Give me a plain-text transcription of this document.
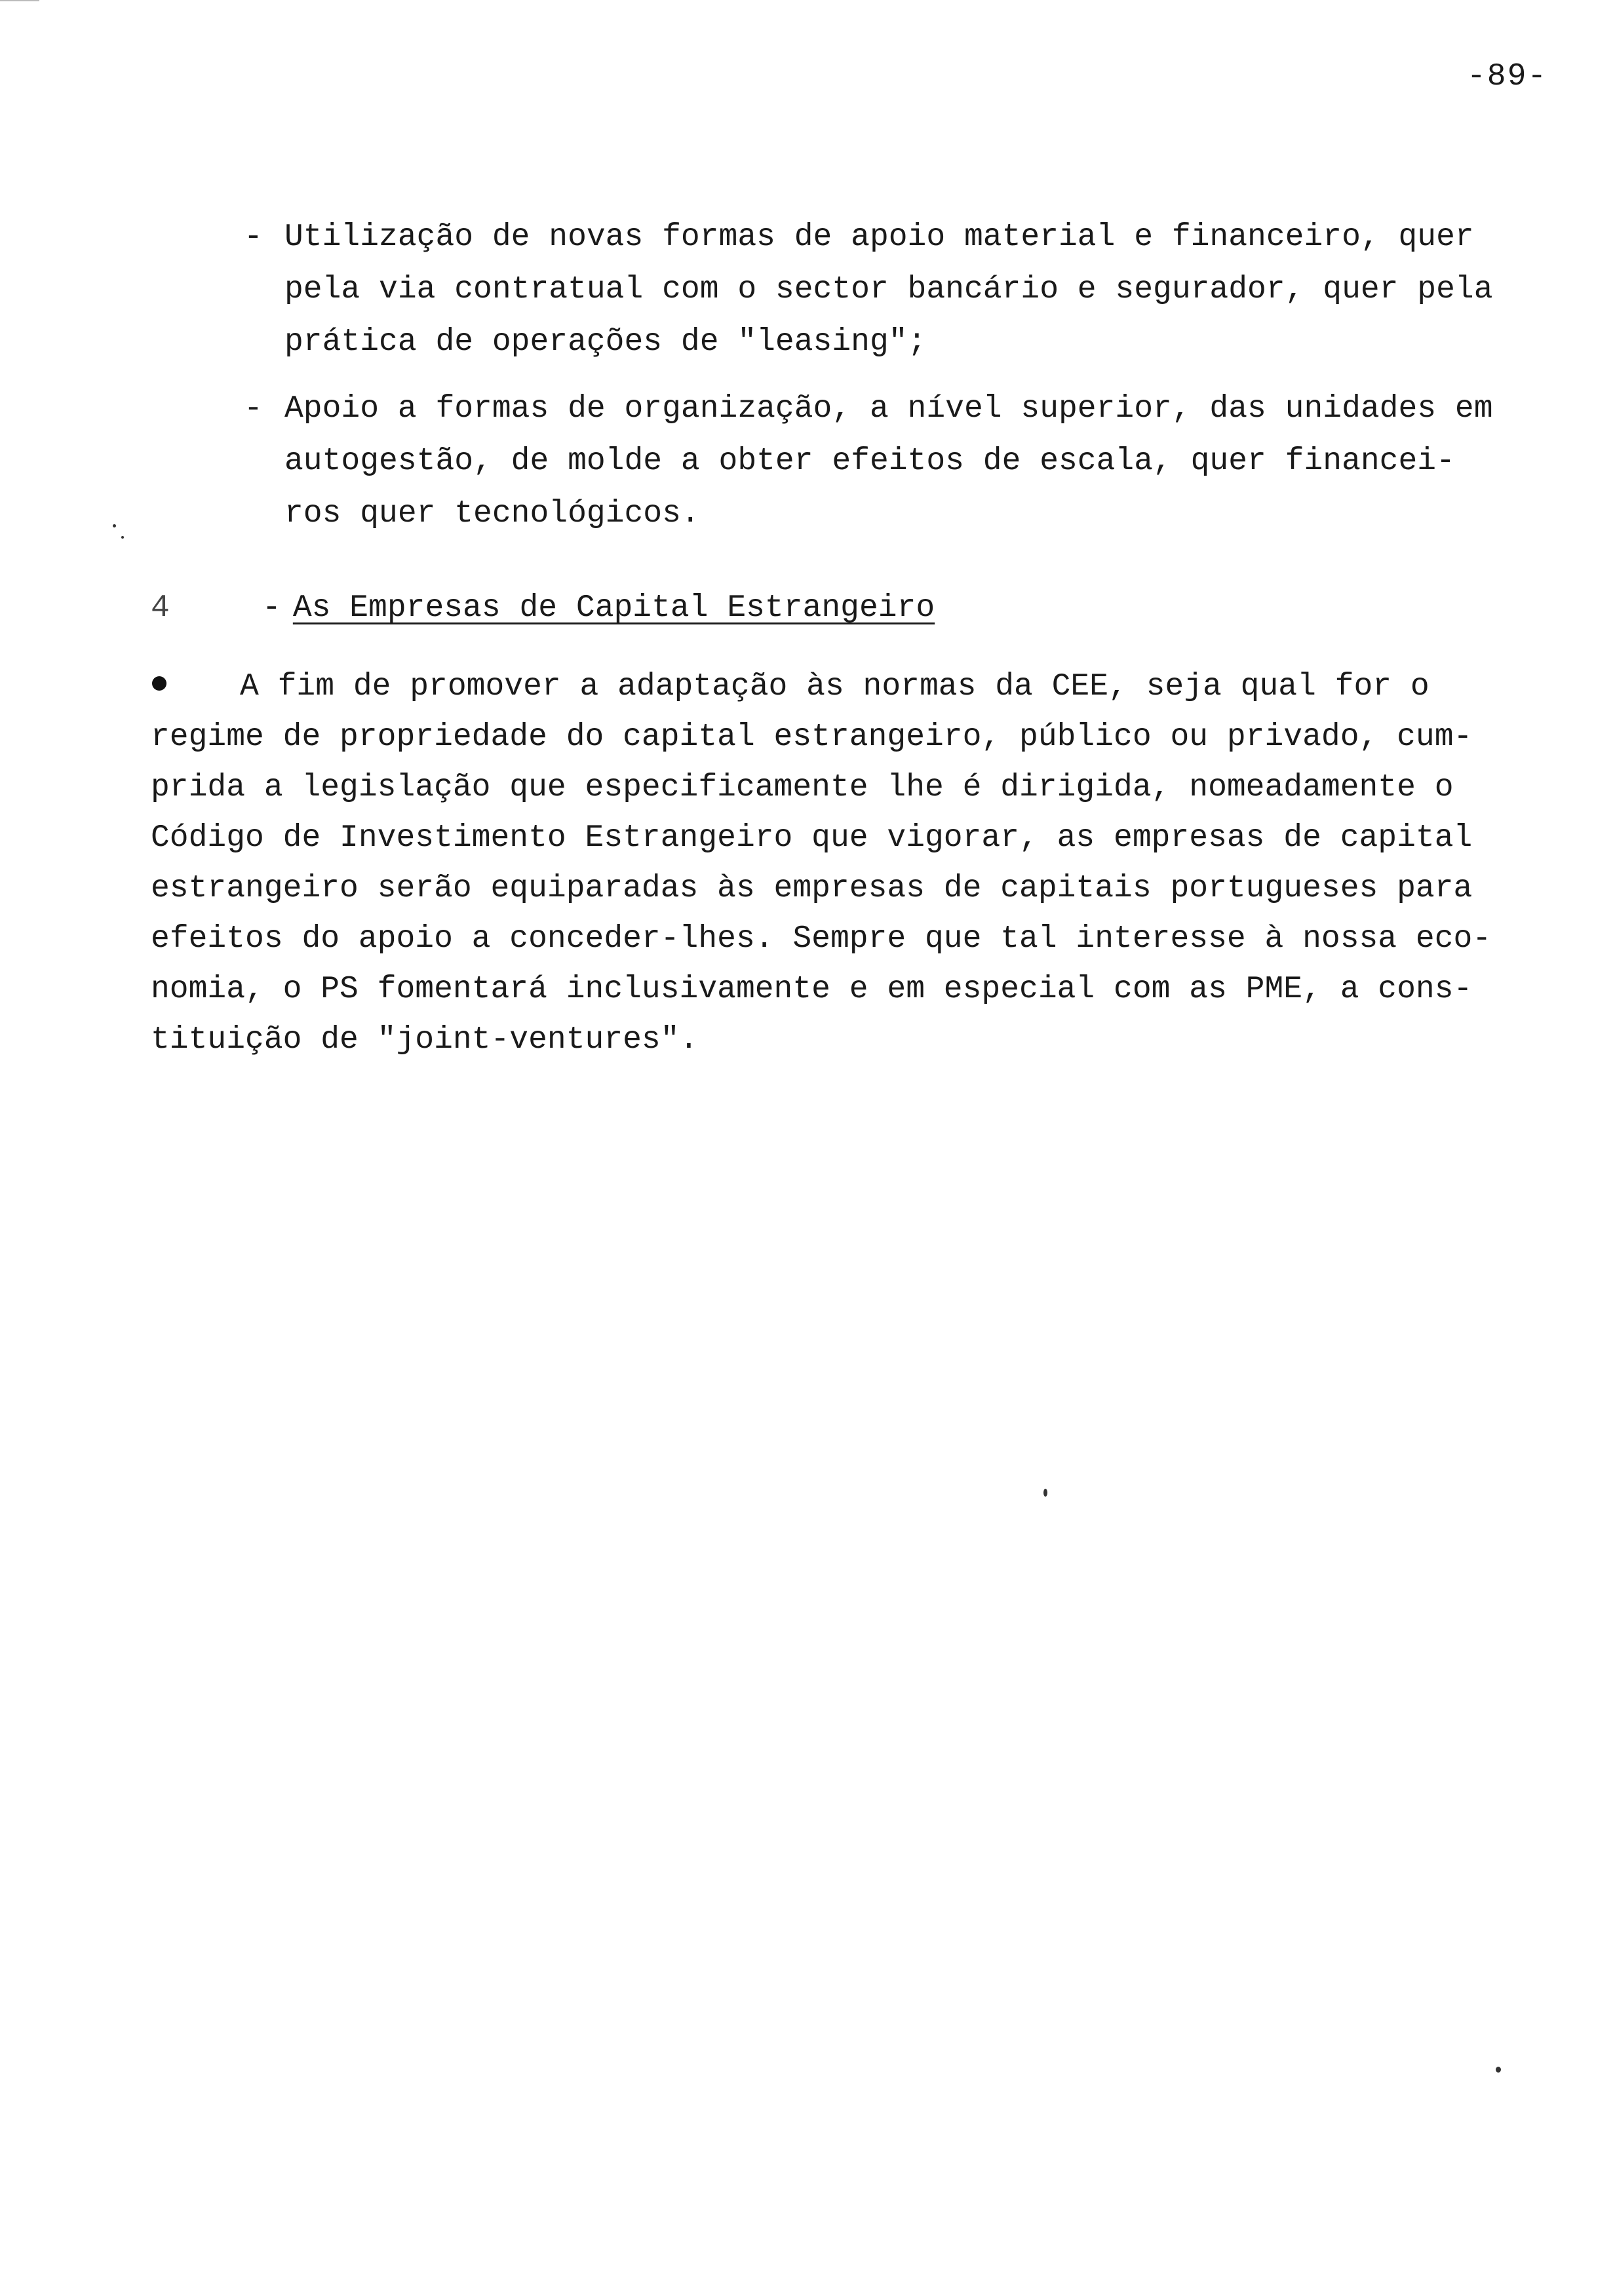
-89-
- Utilização de novas formas de apoio material e financeiro, quer
pela via contratual com o sector bancário e segurador, quer pela
prática de operações de "leasing";
- Apoio a formas de organização, a nível superior, das unidades em
autogestão, de molde a obter efeitos de escala, quer financei-
ros quer tecnológicos.
4	- As Empresas de Capital Estrangeiro
A fim de promover a adaptação às normas da CEE, seja qual for o
regime de propriedade do capital estrangeiro, público ou privado, cum-
prida a legislação que especificamente lhe é dirigida, nomeadamente o
Código de Investimento Estrangeiro que vigorar, as empresas de capital
estrangeiro serão equiparadas às empresas de capitais portugueses para
efeitos do apoio a conceder-lhes. Sempre que tal interesse à nossa eco-
nomia, o PS fomentará inclusivamente e em especial com as PME, a cons-
tituição de "joint-ventures".
